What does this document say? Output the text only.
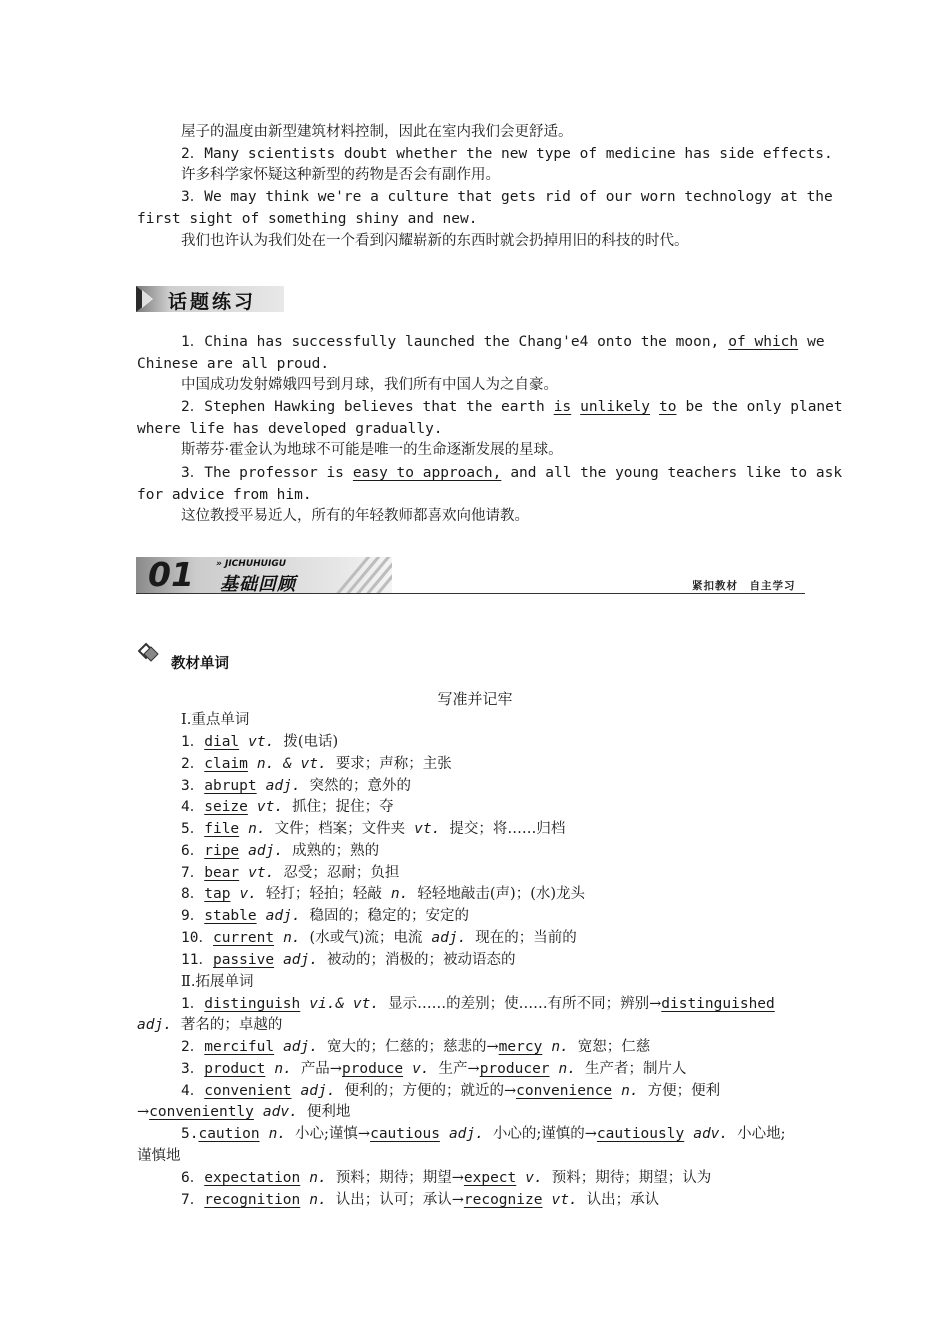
屋子的温度由新型建筑材料控制，因此在室内我们会更舒适。
2．Many scientists doubt whether the new type of medicine has side effects.
许多科学家怀疑这种新型的药物是否会有副作用。
3．We may think we're a culture that gets rid of our worn technology at the
first sight of something shiny and new.
我们也许认为我们处在一个看到闪耀崭新的东西时就会扔掉用旧的科技的时代。
话题练习
1．China has successfully launched the Chang'e4 onto the moon, of which we
Chinese are all proud.
中国成功发射嫦娥四号到月球，我们所有中国人为之自豪。
2．Stephen Hawking believes that the earth is unlikely to be the only planet
where life has developed gradually.
斯蒂芬·霍金认为地球不可能是唯一的生命逐渐发展的星球。
3．The professor is easy to approach, and all the young teachers like to ask
for advice from him.
这位教授平易近人，所有的年轻教师都喜欢向他请教。
01 » JICHUHUIGU
基础回顾	紧扣教材　自主学习
教材单词
写准并记牢
Ⅰ.重点单词
1．dial vt. 拨(电话)
2．claim n. & vt. 要求；声称；主张
3．abrupt adj. 突然的；意外的
4．seize vt. 抓住；捉住；夺
5．file n. 文件；档案；文件夹 vt. 提交；将……归档
6．ripe adj. 成熟的；熟的
7．bear vt. 忍受；忍耐；负担
8．tap v. 轻打；轻拍；轻敲 n. 轻轻地敲击(声)；(水)龙头
9．stable adj. 稳固的；稳定的；安定的
10．current n. (水或气)流；电流 adj. 现在的；当前的
11．passive adj. 被动的；消极的；被动语态的
Ⅱ.拓展单词
1．distinguish vi.& vt. 显示……的差别；使……有所不同；辨别→distinguished
adj. 著名的；卓越的
2．merciful adj. 宽大的；仁慈的；慈悲的→mercy n. 宽恕；仁慈
3．product n. 产品→produce v. 生产→producer n. 生产者；制片人
4．convenient adj. 便利的；方便的；就近的→convenience n. 方便；便利
→conveniently adv. 便利地
5.caution n. 小心;谨慎→cautious adj. 小心的;谨慎的→cautiously adv. 小心地;
谨慎地
6．expectation n. 预料；期待；期望→expect v. 预料；期待；期望；认为
7．recognition n. 认出；认可；承认→recognize vt. 认出；承认
